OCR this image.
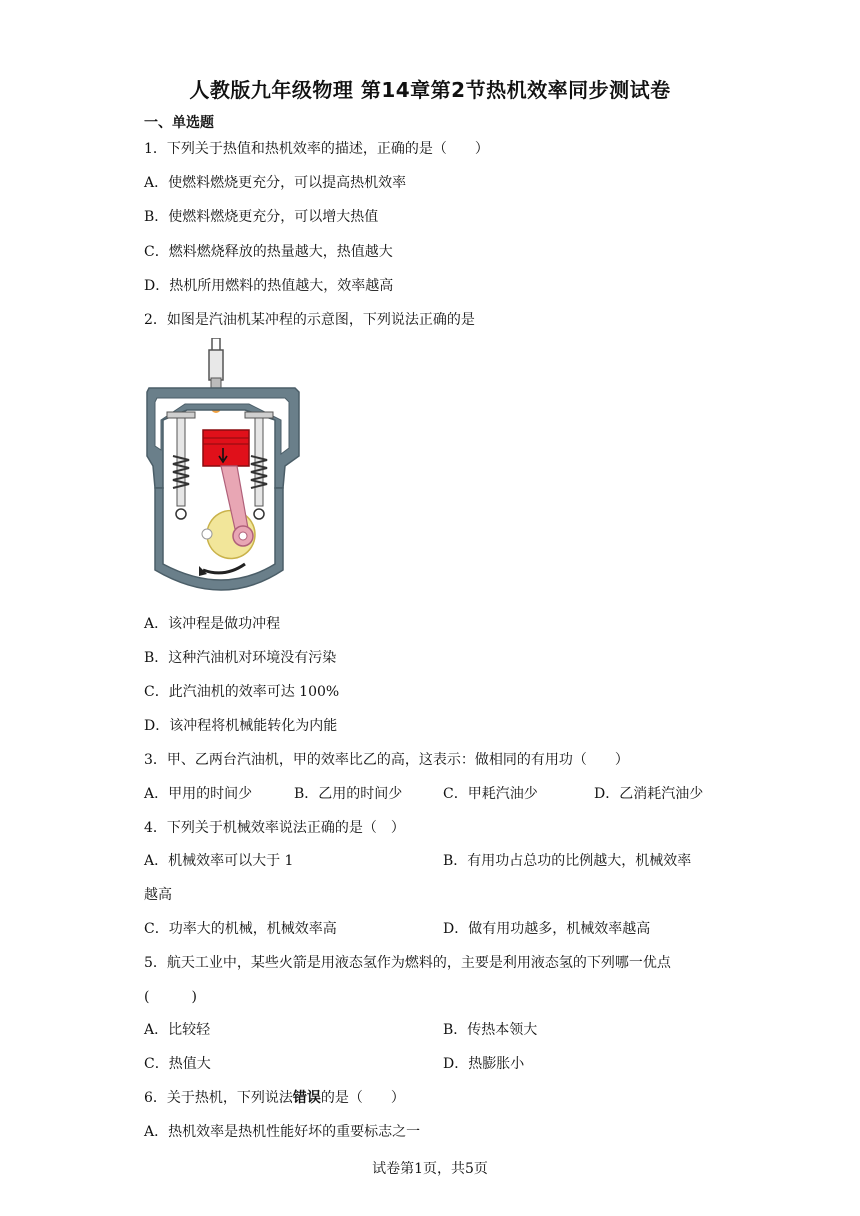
人教版九年级物理 第14章第2节热机效率同步测试卷
一、单选题
1．下列关于热值和热机效率的描述，正确的是（　　）
A．使燃料燃烧更充分，可以提高热机效率
B．使燃料燃烧更充分，可以增大热值
C．燃料燃烧释放的热量越大，热值越大
D．热机所用燃料的热值越大，效率越高
2．如图是汽油机某冲程的示意图，下列说法正确的是
A．该冲程是做功冲程
B．这种汽油机对环境没有污染
C．此汽油机的效率可达 100%
D．该冲程将机械能转化为内能
3．甲、乙两台汽油机，甲的效率比乙的高，这表示：做相同的有用功（　　）
A．甲用的时间少	B．乙用的时间少	C．甲耗汽油少	D．乙消耗汽油少
4．下列关于机械效率说法正确的是（　）
A．机械效率可以大于 1	B．有用功占总功的比例越大，机械效率
越高
C．功率大的机械，机械效率高	D．做有用功越多，机械效率越高
5．航天工业中，某些火箭是用液态氢作为燃料的，主要是利用液态氢的下列哪一优点
(　　　)
A．比较轻	B．传热本领大
C．热值大	D．热膨胀小
6．关于热机，下列说法错误的是（　　）
A．热机效率是热机性能好坏的重要标志之一
试卷第1页，共5页
